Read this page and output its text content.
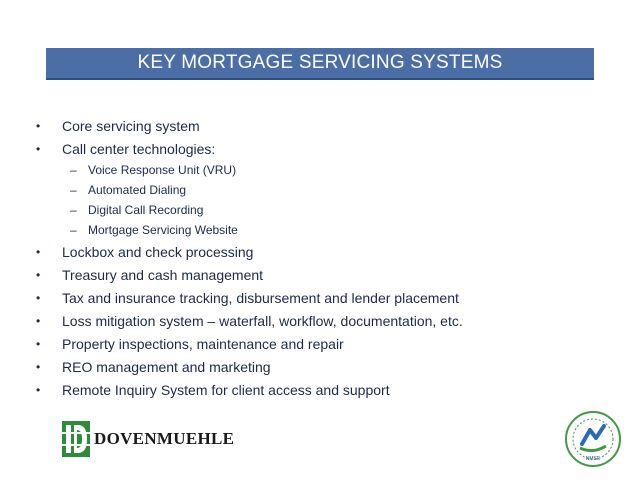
KEY MORTGAGE SERVICING SYSTEMS
•	Core servicing system
•	Call center technologies:
– Voice Response Unit (VRU)
– Automated Dialing
– Digital Call Recording
– Mortgage Servicing Website
•	Lockbox and check processing
•	Treasury and cash management
•	Tax and insurance tracking, disbursement and lender placement
•	Loss mitigation system – waterfall, workflow, documentation, etc.
•	Property inspections, maintenance and repair
•	REO management and marketing
•	Remote Inquiry System for client access and support
DOVENMUEHLE
NMSE
